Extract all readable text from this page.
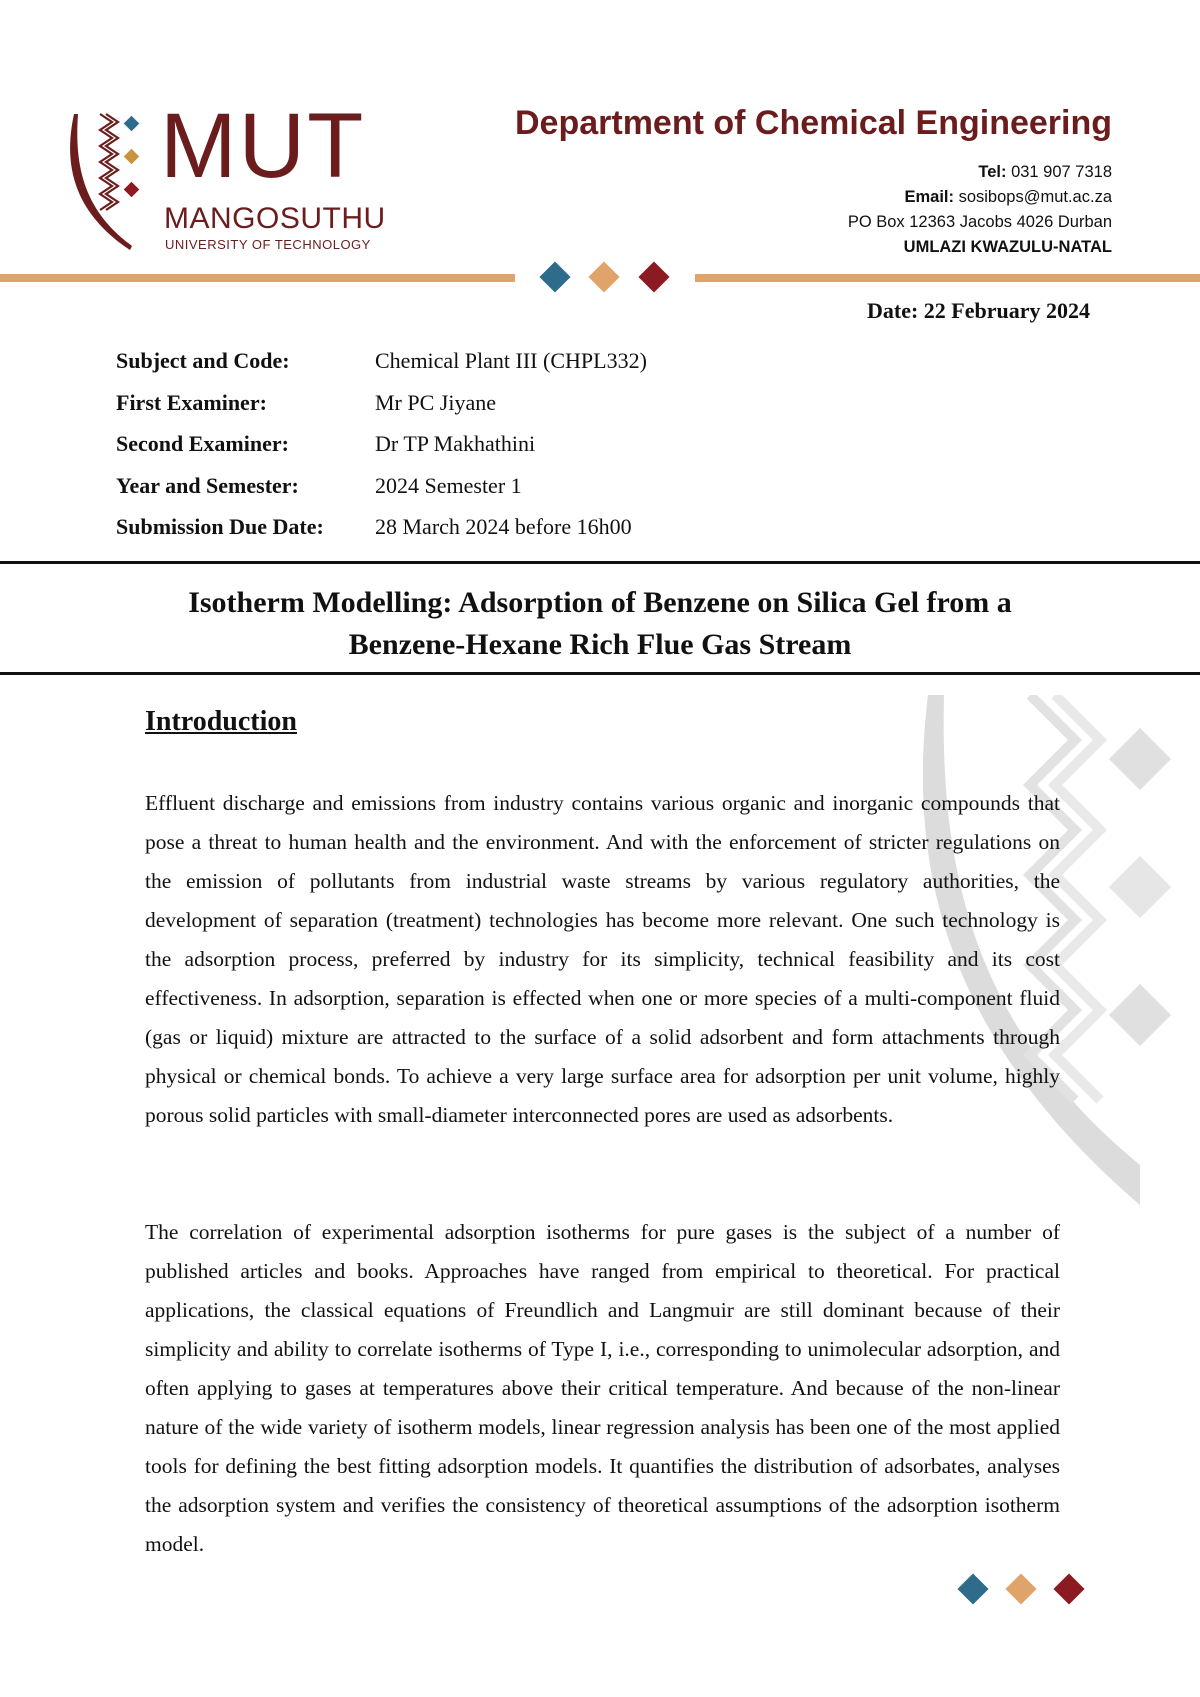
MUT
MANGOSUTHU
UNIVERSITY OF TECHNOLOGY
Department of Chemical Engineering
Tel: 031 907 7318
Email: sosibops@mut.ac.za
PO Box 12363 Jacobs 4026 Durban
UMLAZI KWAZULU-NATAL
Date: 22 February 2024
Subject and Code:	Chemical Plant III (CHPL332)
First Examiner:	Mr PC Jiyane
Second Examiner:	Dr TP Makhathini
Year and Semester:	2024 Semester 1
Submission Due Date: 28 March 2024 before 16h00
Isotherm Modelling: Adsorption of Benzene on Silica Gel from a
Benzene-Hexane Rich Flue Gas Stream
Introduction
Effluent discharge and emissions from industry contains various organic and inorganic compounds that pose a threat to human health and the environment. And with the enforcement of stricter regulations on the emission of pollutants from industrial waste streams by various regulatory authorities, the development of separation (treatment) technologies has become more relevant. One such technology is the adsorption process, preferred by industry for its simplicity, technical feasibility and its cost effectiveness. In adsorption, separation is effected when one or more species of a multi-component fluid (gas or liquid) mixture are attracted to the surface of a solid adsorbent and form attachments through physical or chemical bonds. To achieve a very large surface area for adsorption per unit volume, highly porous solid particles with small-diameter interconnected pores are used as adsorbents.
The correlation of experimental adsorption isotherms for pure gases is the subject of a number of published articles and books. Approaches have ranged from empirical to theoretical. For practical applications, the classical equations of Freundlich and Langmuir are still dominant because of their simplicity and ability to correlate isotherms of Type I, i.e., corresponding to unimolecular adsorption, and often applying to gases at temperatures above their critical temperature. And because of the non-linear nature of the wide variety of isotherm models, linear regression analysis has been one of the most applied tools for defining the best fitting adsorption models. It quantifies the distribution of adsorbates, analyses the adsorption system and verifies the consistency of theoretical assumptions of the adsorption isotherm model.
